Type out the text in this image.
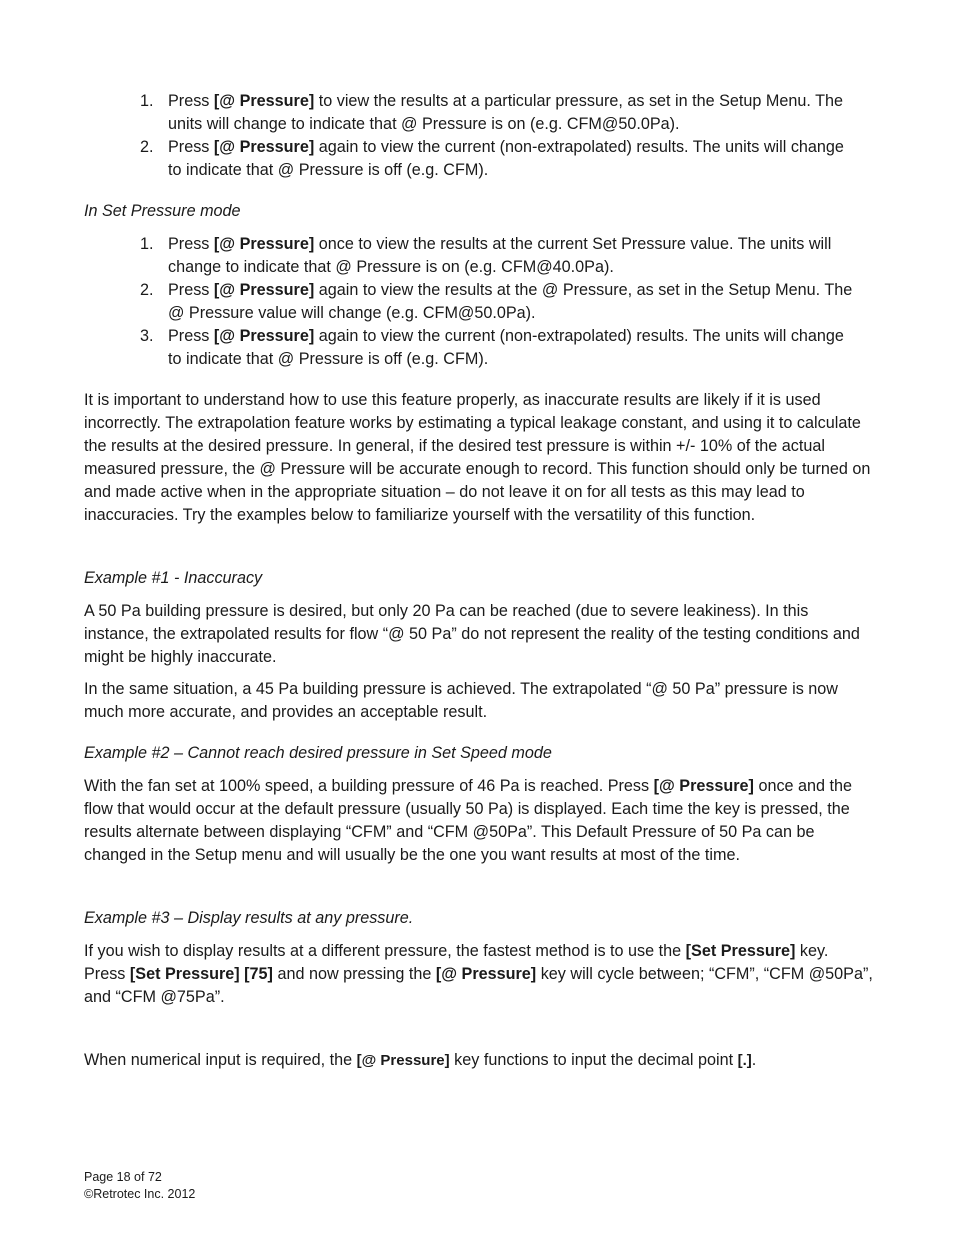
1. Press [@ Pressure] to view the results at a particular pressure, as set in the Setup Menu. The units will change to indicate that @ Pressure is on (e.g. CFM@50.0Pa).
2. Press [@ Pressure] again to view the current (non-extrapolated) results. The units will change to indicate that @ Pressure is off (e.g. CFM).

In Set Pressure mode

1. Press [@ Pressure] once to view the results at the current Set Pressure value. The units will change to indicate that @ Pressure is on (e.g. CFM@40.0Pa).
2. Press [@ Pressure] again to view the results at the @ Pressure, as set in the Setup Menu. The @ Pressure value will change (e.g. CFM@50.0Pa).
3. Press [@ Pressure] again to view the current (non-extrapolated) results. The units will change to indicate that @ Pressure is off (e.g. CFM).

It is important to understand how to use this feature properly, as inaccurate results are likely if it is used incorrectly. The extrapolation feature works by estimating a typical leakage constant, and using it to calculate the results at the desired pressure. In general, if the desired test pressure is within +/- 10% of the actual measured pressure, the @ Pressure will be accurate enough to record. This function should only be turned on and made active when in the appropriate situation – do not leave it on for all tests as this may lead to inaccuracies. Try the examples below to familiarize yourself with the versatility of this function.

Example #1 - Inaccuracy

A 50 Pa building pressure is desired, but only 20 Pa can be reached (due to severe leakiness). In this instance, the extrapolated results for flow “@ 50 Pa” do not represent the reality of the testing conditions and might be highly inaccurate.

In the same situation, a 45 Pa building pressure is achieved. The extrapolated “@ 50 Pa” pressure is now much more accurate, and provides an acceptable result.

Example #2 – Cannot reach desired pressure in Set Speed mode

With the fan set at 100% speed, a building pressure of 46 Pa is reached. Press [@ Pressure] once and the flow that would occur at the default pressure (usually 50 Pa) is displayed. Each time the key is pressed, the results alternate between displaying “CFM” and “CFM @50Pa”. This Default Pressure of 50 Pa can be changed in the Setup menu and will usually be the one you want results at most of the time.

Example #3 – Display results at any pressure.

If you wish to display results at a different pressure, the fastest method is to use the [Set Pressure] key. Press [Set Pressure] [75] and now pressing the [@ Pressure] key will cycle between; “CFM”, “CFM @50Pa”, and “CFM @75Pa”.

When numerical input is required, the [@ Pressure] key functions to input the decimal point [.].

Page 18 of 72
©Retrotec Inc. 2012
